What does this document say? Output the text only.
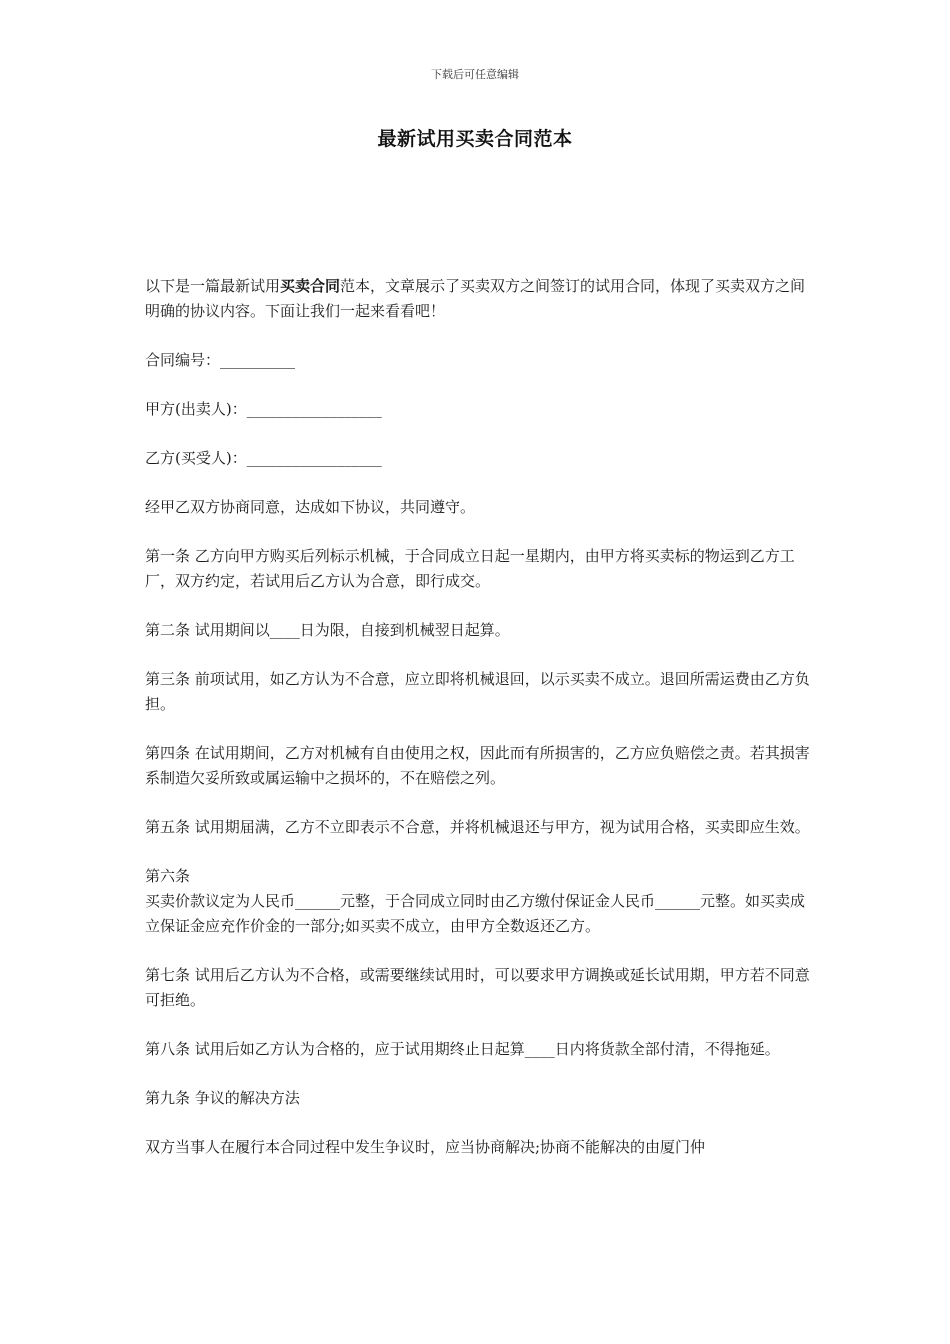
下载后可任意编辑
最新试用买卖合同范本

以下是一篇最新试用买卖合同范本，文章展示了买卖双方之间签订的试用合同，体现了买卖双方之间明确的协议内容。下面让我们一起来看看吧！

合同编号：__________

甲方(出卖人)：__________________

乙方(买受人)：__________________

经甲乙双方协商同意，达成如下协议，共同遵守。

第一条 乙方向甲方购买后列标示机械，于合同成立日起一星期内，由甲方将买卖标的物运到乙方工厂，双方约定，若试用后乙方认为合意，即行成交。

第二条 试用期间以____日为限，自接到机械翌日起算。

第三条 前项试用，如乙方认为不合意，应立即将机械退回，以示买卖不成立。退回所需运费由乙方负担。

第四条 在试用期间，乙方对机械有自由使用之权，因此而有所损害的，乙方应负赔偿之责。若其损害系制造欠妥所致或属运输中之损坏的，不在赔偿之列。

第五条 试用期届满，乙方不立即表示不合意，并将机械退还与甲方，视为试用合格，买卖即应生效。

第六条
买卖价款议定为人民币______元整，于合同成立同时由乙方缴付保证金人民币______元整。如买卖成立保证金应充作价金的一部分;如买卖不成立，由甲方全数返还乙方。

第七条 试用后乙方认为不合格，或需要继续试用时，可以要求甲方调换或延长试用期，甲方若不同意可拒绝。

第八条 试用后如乙方认为合格的，应于试用期终止日起算____日内将货款全部付清，不得拖延。

第九条 争议的解决方法

双方当事人在履行本合同过程中发生争议时，应当协商解决;协商不能解决的由厦门仲
